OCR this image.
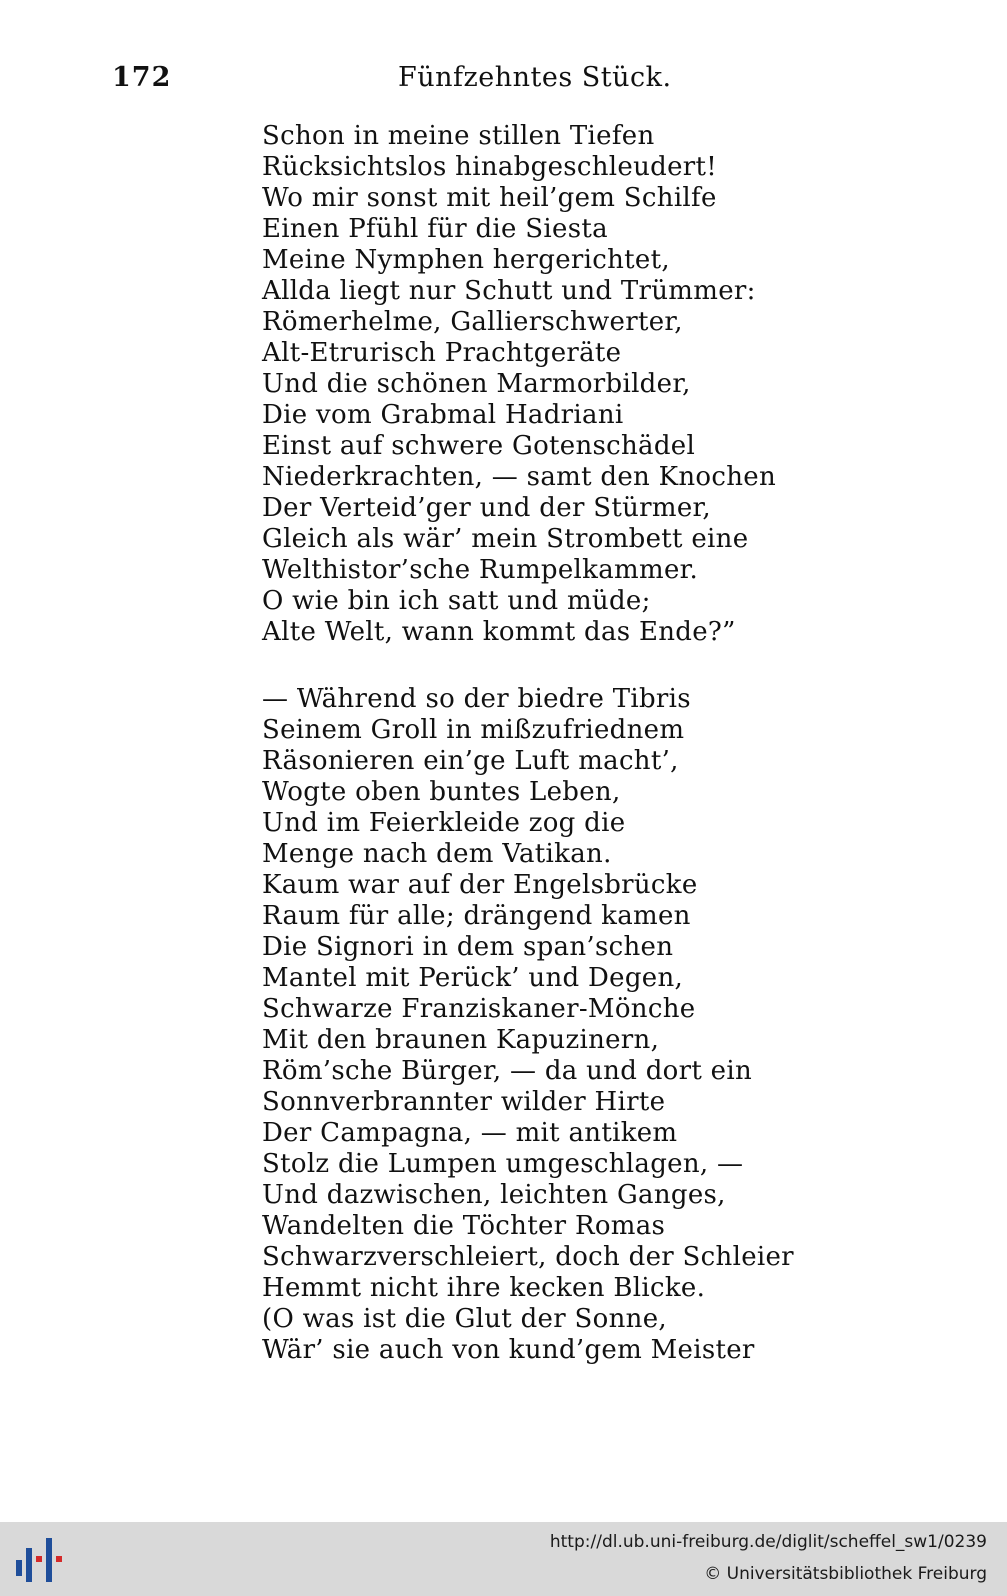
172	Fünfzehntes Stück.
Schon in meine stillen Tiefen
Rücksichtslos hinabgeschleudert!
Wo mir sonst mit heil’gem Schilfe
Einen Pfühl für die Siesta
Meine Nymphen hergerichtet,
Allda liegt nur Schutt und Trümmer:
Römerhelme, Gallierschwerter,
Alt-Etrurisch Prachtgeräte
Und die schönen Marmorbilder,
Die vom Grabmal Hadriani
Einst auf schwere Gotenschädel
Niederkrachten, — samt den Knochen
Der Verteid’ger und der Stürmer,
Gleich als wär’ mein Strombett eine
Welthistor’sche Rumpelkammer.
O wie bin ich satt und müde;
Alte Welt, wann kommt das Ende?”
— Während so der biedre Tibris
Seinem Groll in mißzufriednem
Räsonieren ein’ge Luft macht’,
Wogte oben buntes Leben,
Und im Feierkleide zog die
Menge nach dem Vatikan.
Kaum war auf der Engelsbrücke
Raum für alle; drängend kamen
Die Signori in dem span’schen
Mantel mit Perück’ und Degen,
Schwarze Franziskaner-Mönche
Mit den braunen Kapuzinern,
Röm’sche Bürger, — da und dort ein
Sonnverbrannter wilder Hirte
Der Campagna, — mit antikem
Stolz die Lumpen umgeschlagen, —
Und dazwischen, leichten Ganges,
Wandelten die Töchter Romas
Schwarzverschleiert, doch der Schleier
Hemmt nicht ihre kecken Blicke.
(O was ist die Glut der Sonne,
Wär’ sie auch von kund’gem Meister
http://dl.ub.uni-freiburg.de/diglit/scheffel_sw1/0239
© Universitätsbibliothek Freiburg
